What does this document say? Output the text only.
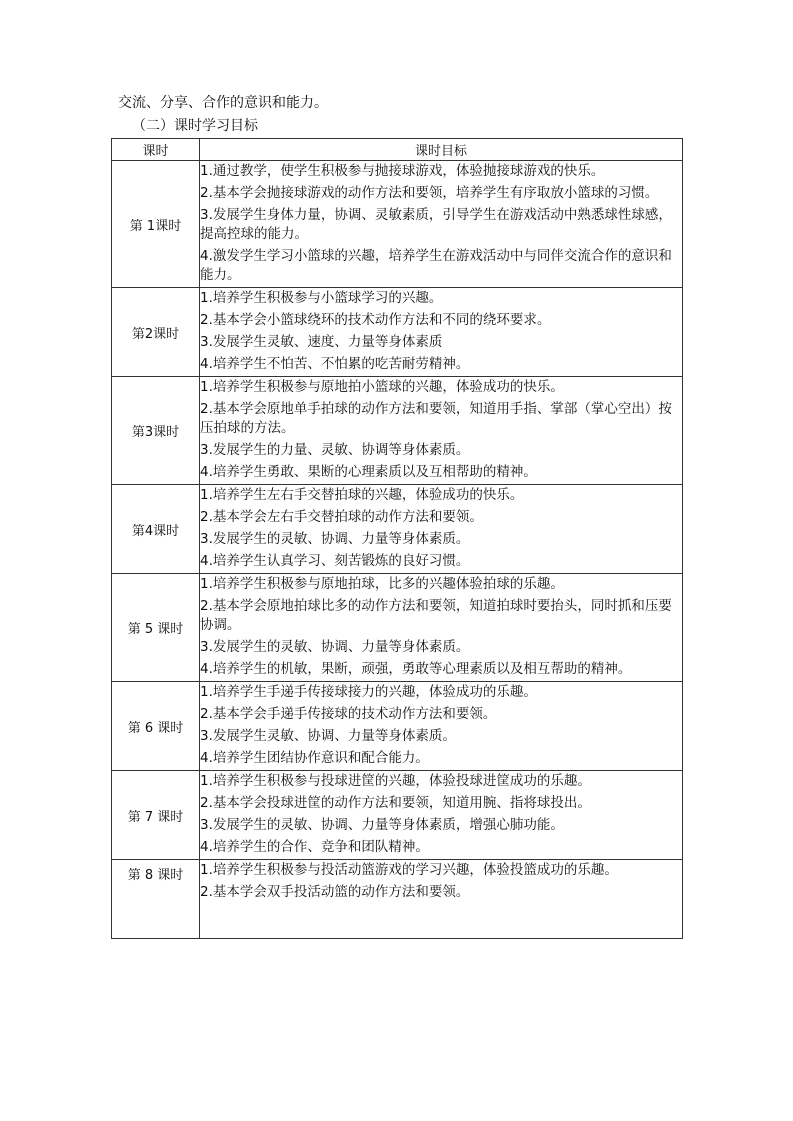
交流、分享、合作的意识和能力。
（二）课时学习目标
课时	课时目标
第 1课时	1.通过教学，使学生积极参与抛接球游戏，体验抛接球游戏的快乐。

2.基本学会抛接球游戏的动作方法和要领，培养学生有序取放小篮球的习惯。

3.发展学生身体力量，协调、灵敏素质，引导学生在游戏活动中熟悉球性球感，提高控球的能力。

4.激发学生学习小篮球的兴趣，培养学生在游戏活动中与同伴交流合作的意识和能力。

第2课时	1.培养学生积极参与小篮球学习的兴趣。

2.基本学会小篮球绕环的技术动作方法和不同的绕环要求。

3.发展学生灵敏、速度、力量等身体素质

4.培养学生不怕苦、不怕累的吃苦耐劳精神。

第3课时	1.培养学生积极参与原地拍小篮球的兴趣，体验成功的快乐。

2.基本学会原地单手拍球的动作方法和要领，知道用手指、掌部（掌心空出）按压拍球的方法。

3.发展学生的力量、灵敏、协调等身体素质。

4.培养学生勇敢、果断的心理素质以及互相帮助的精神。

第4课时	1.培养学生左右手交替拍球的兴趣，体验成功的快乐。

2.基本学会左右手交替拍球的动作方法和要领。

3.发展学生的灵敏、协调、力量等身体素质。

4.培养学生认真学习、刻苦锻炼的良好习惯。

第 5 课时	1.培养学生积极参与原地拍球，比多的兴趣体验拍球的乐趣。

2.基本学会原地拍球比多的动作方法和要领，知道拍球时要抬头，同时抓和压要协调。

3.发展学生的灵敏、协调、力量等身体素质。

4.培养学生的机敏，果断，顽强，勇敢等心理素质以及相互帮助的精神。

第 6 课时	1.培养学生手递手传接球接力的兴趣，体验成功的乐趣。

2.基本学会手递手传接球的技术动作方法和要领。

3.发展学生灵敏、协调、力量等身体素质。

4.培养学生团结协作意识和配合能力。

第 7 课时	1.培养学生积极参与投球进筐的兴趣，体验投球进筐成功的乐趣。

2.基本学会投球进筐的动作方法和要领，知道用腕、指将球投出。

3.发展学生的灵敏、协调、力量等身体素质，增强心肺功能。

4.培养学生的合作、竞争和团队精神。

第 8 课时	1.培养学生积极参与投活动篮游戏的学习兴趣，体验投篮成功的乐趣。

2.基本学会双手投活动篮的动作方法和要领。
